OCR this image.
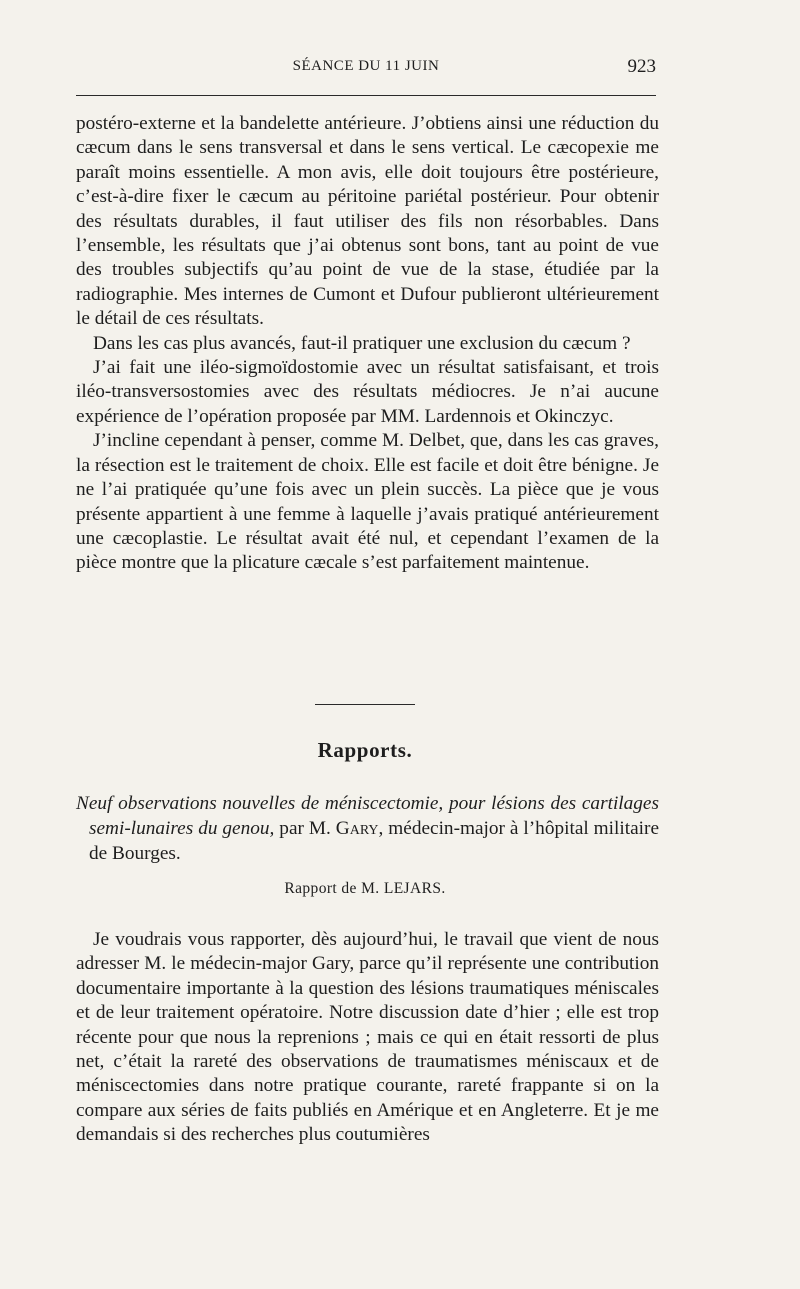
SÉANCE DU 11 JUIN	923

postéro-externe et la bandelette antérieure. J’obtiens ainsi une réduction du cæcum dans le sens transversal et dans le sens vertical. Le cæcopexie me paraît moins essentielle. A mon avis, elle doit toujours être postérieure, c’est-à-dire fixer le cæcum au péritoine pariétal postérieur. Pour obtenir des résultats durables, il faut utiliser des fils non résorbables. Dans l’ensemble, les résultats que j’ai obtenus sont bons, tant au point de vue des troubles subjectifs qu’au point de vue de la stase, étudiée par la radiographie. Mes internes de Cumont et Dufour publieront ultérieurement le détail de ces résultats.

Dans les cas plus avancés, faut-il pratiquer une exclusion du cæcum ?

J’ai fait une iléo-sigmoïdostomie avec un résultat satisfaisant, et trois iléo-transversostomies avec des résultats médiocres. Je n’ai aucune expérience de l’opération proposée par MM. Lardennois et Okinczyc.

J’incline cependant à penser, comme M. Delbet, que, dans les cas graves, la résection est le traitement de choix. Elle est facile et doit être bénigne. Je ne l’ai pratiquée qu’une fois avec un plein succès. La pièce que je vous présente appartient à une femme à laquelle j’avais pratiqué antérieurement une cæcoplastie. Le résultat avait été nul, et cependant l’examen de la pièce montre que la plicature cæcale s’est parfaitement maintenue.

Rapports.

Neuf observations nouvelles de méniscectomie, pour lésions des cartilages semi-lunaires du genou, par M. Gary, médecin-major à l’hôpital militaire de Bourges.

Rapport de M. LEJARS.

Je voudrais vous rapporter, dès aujourd’hui, le travail que vient de nous adresser M. le médecin-major Gary, parce qu’il représente une contribution documentaire importante à la question des lésions traumatiques méniscales et de leur traitement opératoire. Notre discussion date d’hier ; elle est trop récente pour que nous la reprenions ; mais ce qui en était ressorti de plus net, c’était la rareté des observations de traumatismes méniscaux et de méniscectomies dans notre pratique courante, rareté frappante si on la compare aux séries de faits publiés en Amérique et en Angleterre. Et je me demandais si des recherches plus coutumières
